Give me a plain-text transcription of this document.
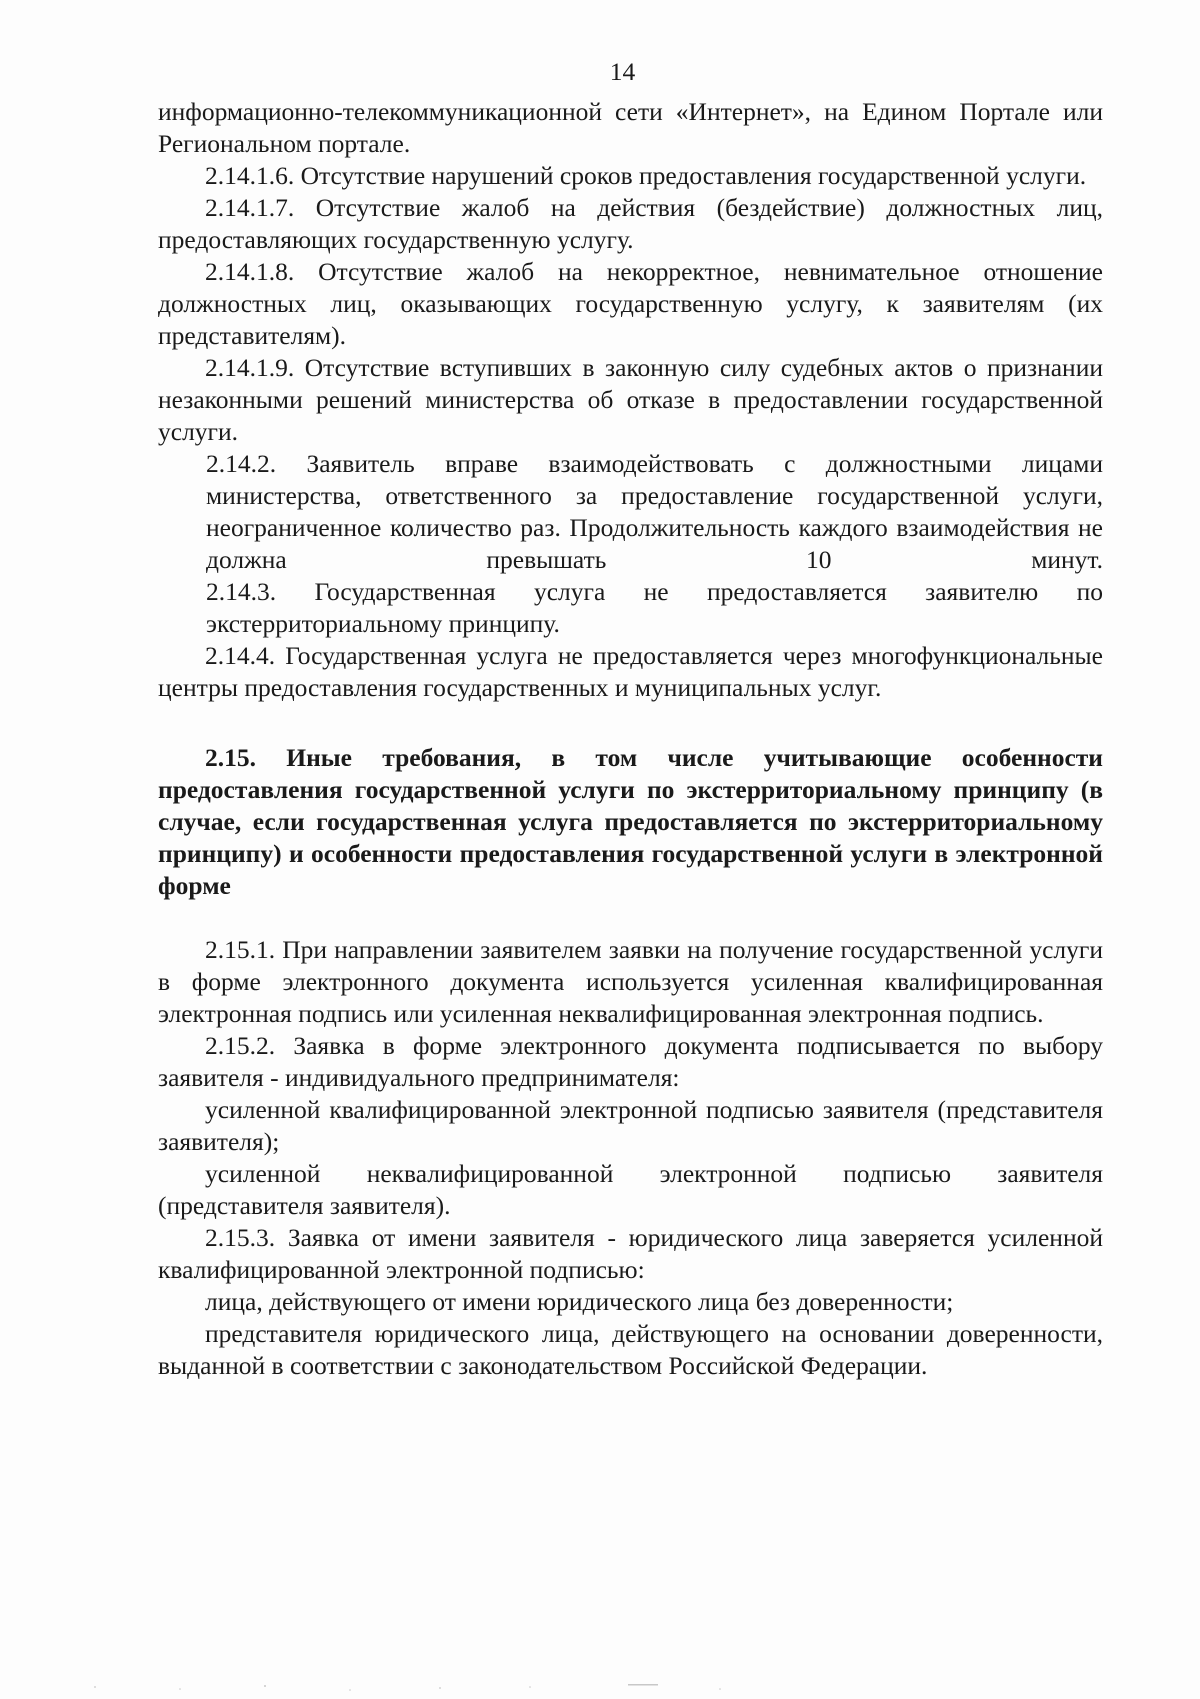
14

информационно-телекоммуникационной сети «Интернет», на Едином Портале или Региональном портале.

2.14.1.6. Отсутствие нарушений сроков предоставления государственной услуги.

2.14.1.7. Отсутствие жалоб на действия (бездействие) должностных лиц, предоставляющих государственную услугу.

2.14.1.8. Отсутствие жалоб на некорректное, невнимательное отношение должностных лиц, оказывающих государственную услугу, к заявителям (их представителям).

2.14.1.9. Отсутствие вступивших в законную силу судебных актов о признании незаконными решений министерства об отказе в предоставлении государственной услуги.

2.14.2. Заявитель вправе взаимодействовать с должностными лицами министерства, ответственного за предоставление государственной услуги, неограниченное количество раз. Продолжительность каждого взаимодействия не должна превышать 10 минут.

2.14.3. Государственная услуга не предоставляется заявителю по экстерриториальному принципу.

2.14.4. Государственная услуга не предоставляется через многофункциональные центры предоставления государственных и муниципальных услуг.

2.15. Иные требования, в том числе учитывающие особенности предоставления государственной услуги по экстерриториальному принципу (в случае, если государственная услуга предоставляется по экстерриториальному принципу) и особенности предоставления государственной услуги в электронной форме

2.15.1. При направлении заявителем заявки на получение государственной услуги в форме электронного документа используется усиленная квалифицированная электронная подпись или усиленная неквалифицированная электронная подпись.

2.15.2. Заявка в форме электронного документа подписывается по выбору заявителя - индивидуального предпринимателя:

усиленной квалифицированной электронной подписью заявителя (представителя заявителя);

усиленной неквалифицированной электронной подписью заявителя (представителя заявителя).

2.15.3. Заявка от имени заявителя - юридического лица заверяется усиленной квалифицированной электронной подписью:

лица, действующего от имени юридического лица без доверенности;

представителя юридического лица, действующего на основании доверенности, выданной в соответствии с законодательством Российской Федерации.
